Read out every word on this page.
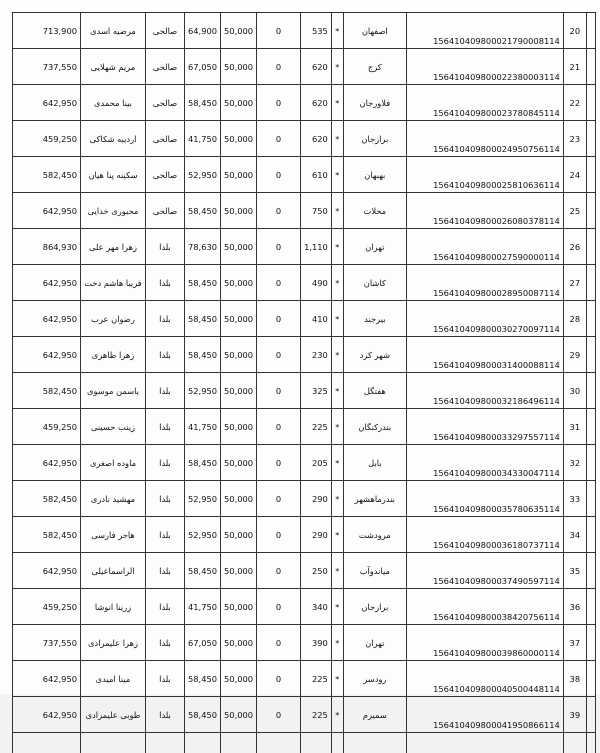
713,900	مرضیه اسدی	صالحی	64,900	50,000	0	535	*	اصفهان	156410409800021790008114	20	
737,550	مریم شهلایی	صالحی	67,050	50,000	0	620	*	کرج	156410409800022380003114	21	
642,950	بینا محمدی	صالحی	58,450	50,000	0	620	*	فلاورجان	156410409800023780845114	22	
459,250	اردیبه شکاکی	صالحی	41,750	50,000	0	620	*	برازجان	156410409800024950756114	23	
582,450	سکینه پنا هیان	صالحی	52,950	50,000	0	610	*	بهبهان	156410409800025810636114	24	
642,950	محبوری خدایی	صالحی	58,450	50,000	0	750	*	محلات	156410409800026080378114	25	
864,930	زهرا مهر علی	بلدا	78,630	50,000	0	1,110	*	تهران	156410409800027590000114	26	
642,950	فریبا هاشم دخت	بلدا	58,450	50,000	0	490	*	کاشان	156410409800028950087114	27	
642,950	رضوان عرب	بلدا	58,450	50,000	0	410	*	بیرجند	156410409800030270097114	28	
642,950	زهرا طاهری	بلدا	58,450	50,000	0	230	*	شهر کرد	156410409800031400088114	29	
582,450	یاسمن موسوی	بلدا	52,950	50,000	0	325	*	هفتگل	156410409800032186496114	30	
459,250	زینب حسینی	بلدا	41,750	50,000	0	225	*	بندرکنگان	156410409800033297557114	31	
642,950	ماوده اصغری	بلدا	58,450	50,000	0	205	*	بابل	156410409800034330047114	32	
582,450	مهشید نادری	بلدا	52,950	50,000	0	290	*	بندرماهشهر	156410409800035780635114	33	
582,450	هاجر فارسی	بلدا	52,950	50,000	0	290	*	مرودشت	156410409800036180737114	34	
642,950	الراسماعیلی	بلدا	58,450	50,000	0	250	*	میاندوآب	156410409800037490597114	35	
459,250	زرینا انوشا	بلدا	41,750	50,000	0	340	*	برازجان	156410409800038420756114	36	
737,550	زهرا علیمرادی	بلدا	67,050	50,000	0	390	*	تهران	156410409800039860000114	37	
642,950	مینا امیدی	بلدا	58,450	50,000	0	225	*	رودسر	156410409800040500448114	38	
642,950	طوبی علیمرادی	بلدا	58,450	50,000	0	225	*	سمیرم	156410409800041950866114	39	
